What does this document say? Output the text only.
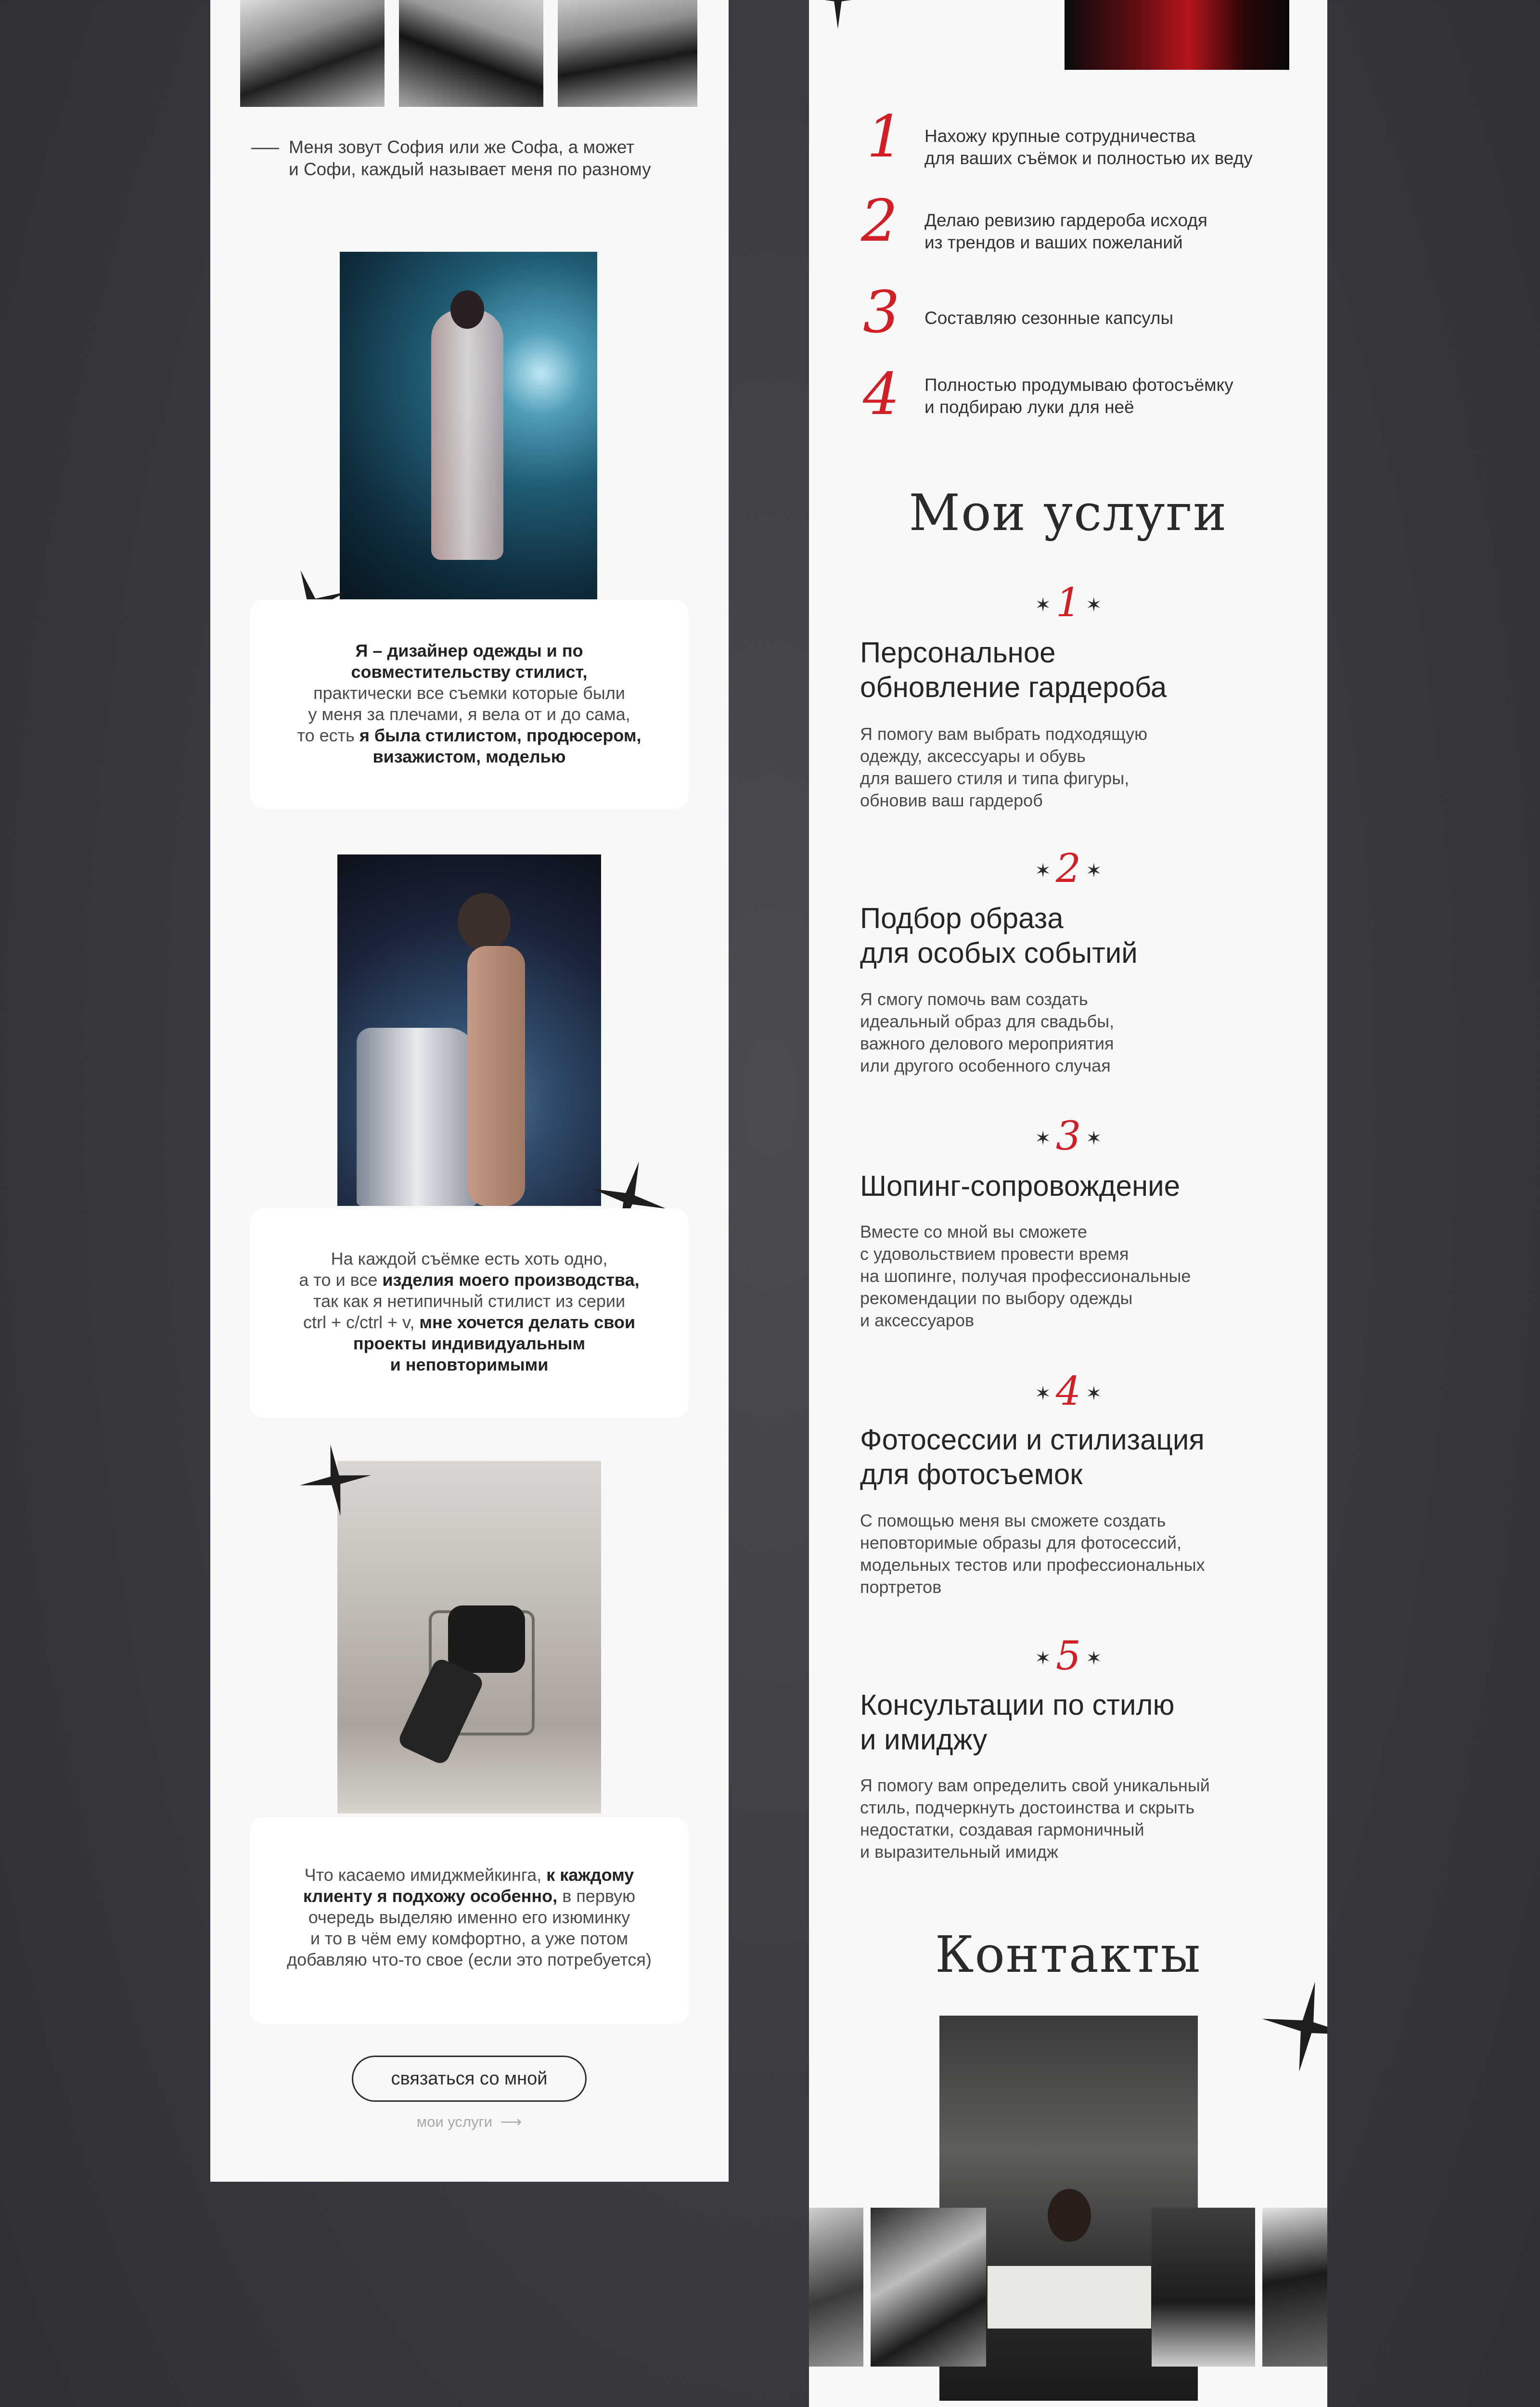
Меня зовут София или же Софа, а может
и Софи, каждый называет меня по разному

Я – дизайнер одежды и по
совместительству стилист,
практически все съемки которые были
у меня за плечами, я вела от и до сама,
то есть я была стилистом, продюсером,
визажистом, моделью

На каждой съёмке есть хоть одно,
а то и все изделия моего производства,
так как я нетипичный стилист из серии
ctrl + c/ctrl + v, мне хочется делать свои
проекты индивидуальным
и неповторимыми

Что касаемо имиджмейкинга, к каждому
клиенту я подхожу особенно, в первую
очередь выделяю именно его изюминку
и то в чём ему комфортно, а уже потом
добавляю что-то свое (если это потребуется)

связаться со мной
мои услуги ⟶
1 Нахожу крупные сотрудничества
для ваших съёмок и полностью их веду
2 Делаю ревизию гардероба исходя
из трендов и ваших пожеланий
3 Составляю сезонные капсулы
4 Полностью продумываю фотосъёмку
и подбираю луки для неё
Мои услуги
✶ 1 ✶
Персональное
обновление гардероба
Я помогу вам выбрать подходящую
одежду, аксессуары и обувь
для вашего стиля и типа фигуры,
обновив ваш гардероб
✶ 2 ✶
Подбор образа
для особых событий
Я смогу помочь вам создать
идеальный образ для свадьбы,
важного делового мероприятия
или другого особенного случая
✶ 3 ✶
Шопинг-сопровождение
Вместе со мной вы сможете
с удовольствием провести время
на шопинге, получая профессиональные
рекомендации по выбору одежды
и аксессуаров
✶ 4 ✶
Фотосессии и стилизация
для фотосъемок
С помощью меня вы сможете создать
неповторимые образы для фотосессий,
модельных тестов или профессиональных
портретов
✶ 5 ✶
Консультации по стилю
и имиджу
Я помогу вам определить свой уникальный
стиль, подчеркнуть достоинства и скрыть
недостатки, создавая гармоничный
и выразительный имидж
Контакты
